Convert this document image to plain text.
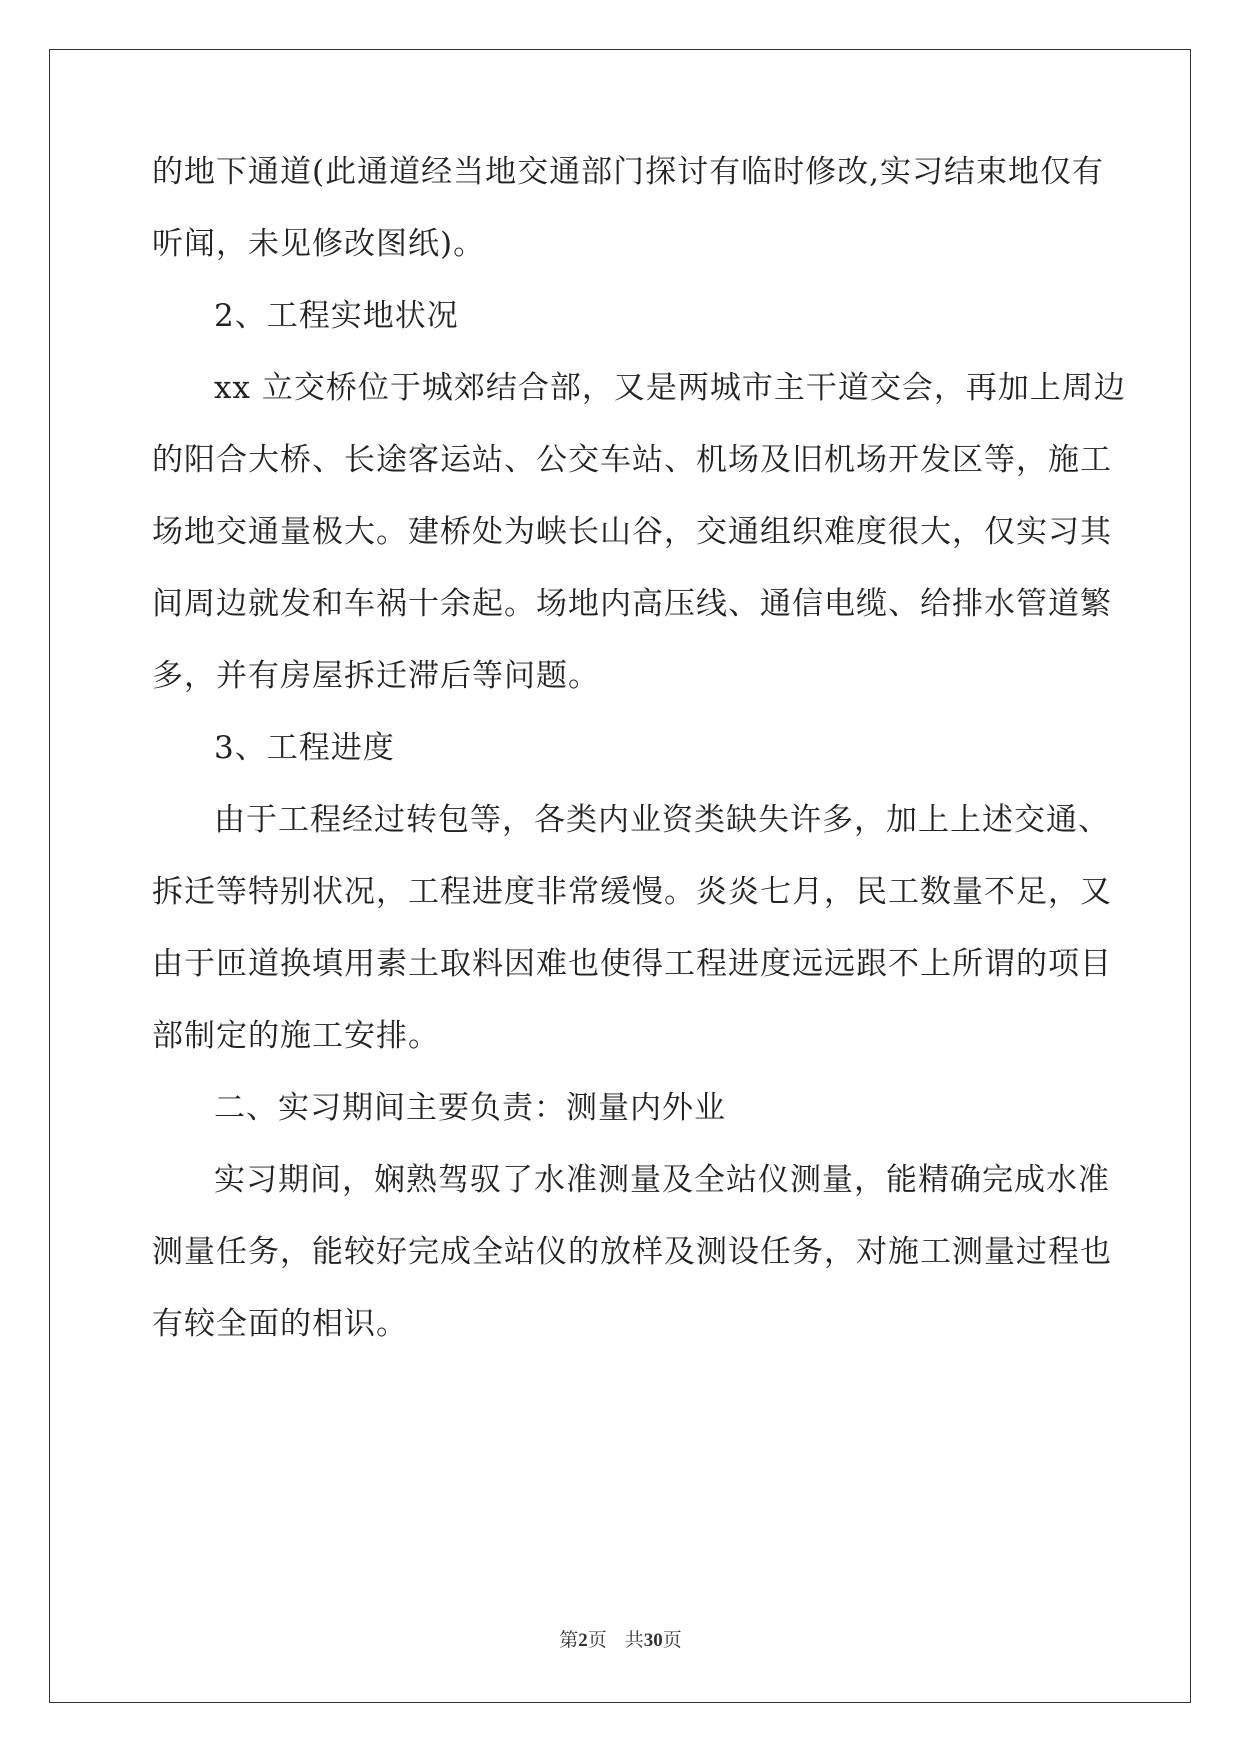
的地下通道(此通道经当地交通部门探讨有临时修改,实习结束地仅有
听闻，未见修改图纸)。
2、工程实地状况
xx 立交桥位于城郊结合部，又是两城市主干道交会，再加上周边
的阳合大桥、长途客运站、公交车站、机场及旧机场开发区等，施工
场地交通量极大。建桥处为峡长山谷，交通组织难度很大，仅实习其
间周边就发和车祸十余起。场地内高压线、通信电缆、给排水管道繁
多，并有房屋拆迁滞后等问题。
3、工程进度
由于工程经过转包等，各类内业资类缺失许多，加上上述交通、
拆迁等特别状况，工程进度非常缓慢。炎炎七月，民工数量不足，又
由于匝道换填用素土取料因难也使得工程进度远远跟不上所谓的项目
部制定的施工安排。
二、实习期间主要负责：测量内外业
实习期间，娴熟驾驭了水准测量及全站仪测量，能精确完成水准
测量任务，能较好完成全站仪的放样及测设任务，对施工测量过程也
有较全面的相识。
第2页 共30页
